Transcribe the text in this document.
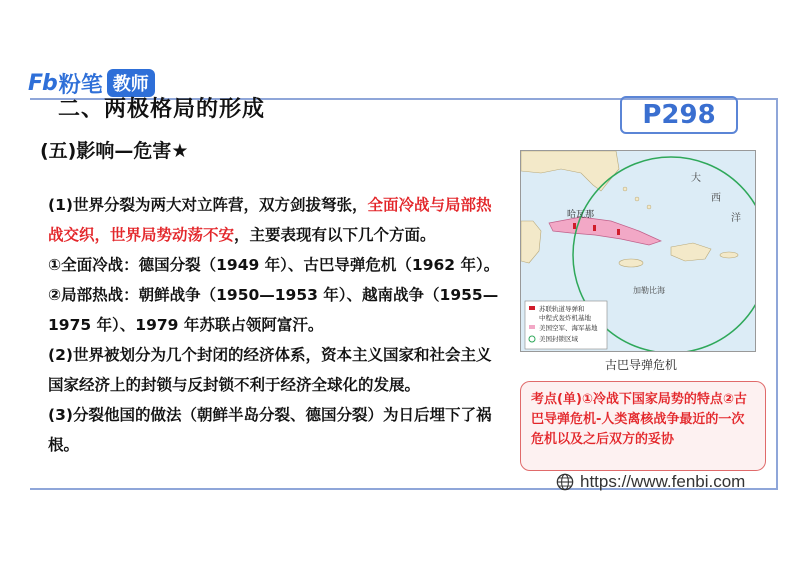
Fb 粉笔 教师
二、两极格局的形成	P298
(五)影响—危害★
(1)世界分裂为两大对立阵营，双方剑拔弩张，全面冷战与局部热战交织，世界局势动荡不安，主要表现有以下几个方面。
①全面冷战：德国分裂（1949 年）、古巴导弹危机（1962 年）。
②局部热战：朝鲜战争（1950—1953 年）、越南战争（1955—1975 年）、1979 年苏联占领阿富汗。
(2)世界被划分为几个封闭的经济体系，资本主义国家和社会主义国家经济上的封锁与反封锁不利于经济全球化的发展。
(3)分裂他国的做法（朝鲜半岛分裂、德国分裂）为日后埋下了祸根。
哈瓦那
大
西
洋
加勒比海
苏联轨道导弹和
中程式轰炸机基地
美国空军、海军基地
美国封锁区域
古巴导弹危机
考点(单)①冷战下国家局势的特点②古巴导弹危机-人类离核战争最近的一次危机以及之后双方的妥协
https://www.fenbi.com
